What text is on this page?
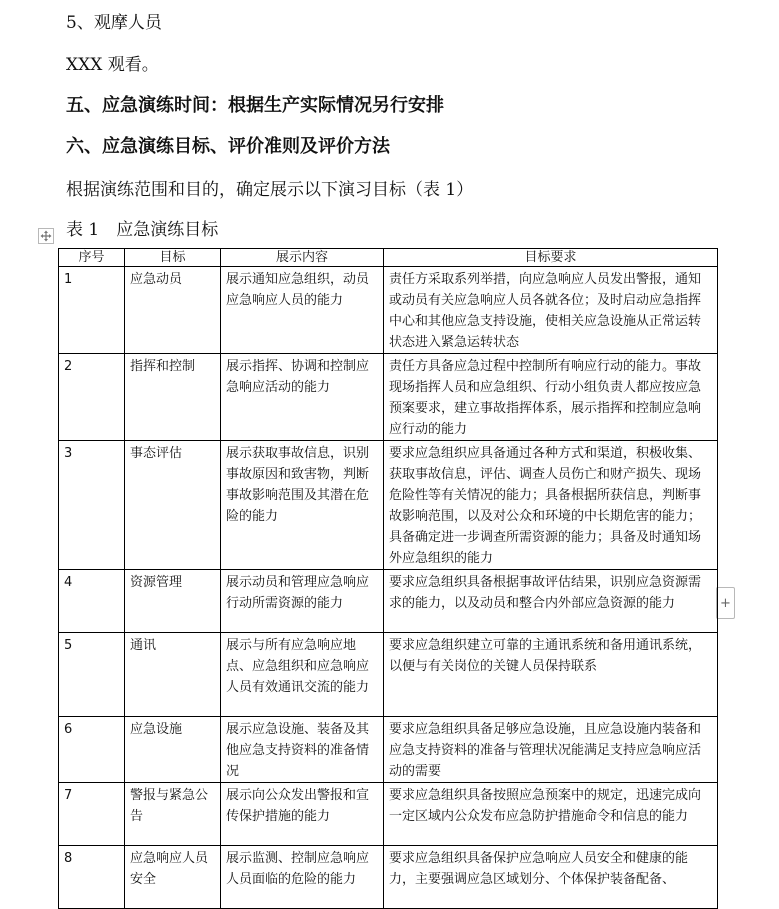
5、观摩人员
XXX 观看。
五、应急演练时间：根据生产实际情况另行安排
六、应急演练目标、评价准则及评价方法
根据演练范围和目的，确定展示以下演习目标（表 1）
表 1　应急演练目标
+
序号	目标	展示内容	目标要求
1	应急动员	展示通知应急组织，动员应急响应人员的能力	责任方采取系列举措，向应急响应人员发出警报，通知或动员有关应急响应人员各就各位；及时启动应急指挥中心和其他应急支持设施，使相关应急设施从正常运转状态进入紧急运转状态
2	指挥和控制	展示指挥、协调和控制应急响应活动的能力	责任方具备应急过程中控制所有响应行动的能力。事故现场指挥人员和应急组织、行动小组负责人都应按应急预案要求，建立事故指挥体系，展示指挥和控制应急响应行动的能力
3	事态评估	展示获取事故信息，识别事故原因和致害物，判断事故影响范围及其潜在危险的能力	要求应急组织应具备通过各种方式和渠道，积极收集、获取事故信息，评估、调查人员伤亡和财产损失、现场危险性等有关情况的能力；具备根据所获信息，判断事故影响范围，以及对公众和环境的中长期危害的能力；具备确定进一步调查所需资源的能力；具备及时通知场外应急组织的能力
4	资源管理	展示动员和管理应急响应行动所需资源的能力	要求应急组织具备根据事故评估结果，识别应急资源需求的能力，以及动员和整合内外部应急资源的能力
5	通讯	展示与所有应急响应地点、应急组织和应急响应人员有效通讯交流的能力	要求应急组织建立可靠的主通讯系统和备用通讯系统，以便与有关岗位的关键人员保持联系
6	应急设施	展示应急设施、装备及其他应急支持资料的准备情况	要求应急组织具备足够应急设施，且应急设施内装备和应急支持资料的准备与管理状况能满足支持应急响应活动的需要
7	警报与紧急公告	展示向公众发出警报和宣传保护措施的能力	要求应急组织具备按照应急预案中的规定，迅速完成向一定区域内公众发布应急防护措施命令和信息的能力
8	应急响应人员安全	展示监测、控制应急响应人员面临的危险的能力	要求应急组织具备保护应急响应人员安全和健康的能力，主要强调应急区域划分、个体保护装备配备、
